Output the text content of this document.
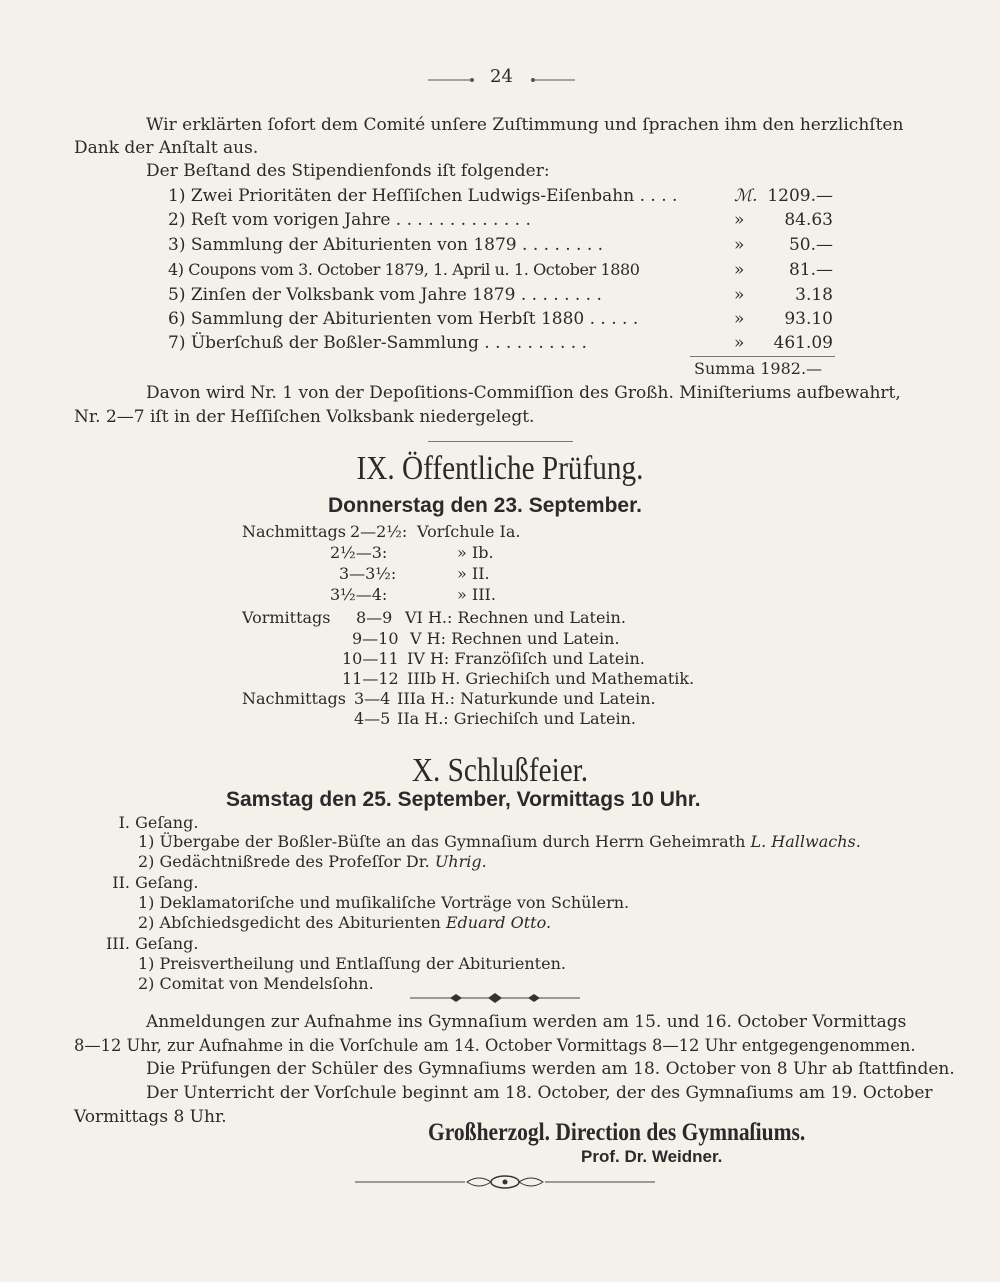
24
Wir erklärten ſofort dem Comité unſere Zuſtimmung und ſprachen ihm den herzlichſten
Dank der Anſtalt aus.
Der Beſtand des Stipendienfonds iſt folgender:
1) Zwei Prioritäten der Heſſiſchen Ludwigs-Eiſenbahn . . . .	ℳ. 1209.—
2) Reſt vom vorigen Jahre . . . . . . . . . . . . .	» 84.63
3) Sammlung der Abiturienten von 1879 . . . . . . . .	»	50.—
4) Coupons vom 3. October 1879, 1. April u. 1. October 1880	»	81.—
5) Zinſen der Volksbank vom Jahre 1879 . . . . . . . .	»	3.18
6) Sammlung der Abiturienten vom Herbſt 1880 . . . . .	» 93.10
7) Überſchuß der Boßler-Sammlung . . . . . . . . . .	» 461.09
Summa 1982.—
Davon wird Nr. 1 von der Depoſitions-Commiſſion des Großh. Miniſteriums aufbewahrt,
Nr. 2—7 iſt in der Heſſiſchen Volksbank niedergelegt.
IX. Öffentliche Prüfung.
Donnerstag den 23. September.
Nachmittags 2—2½: Vorſchule Ia.
2½—3:	» Ib.
3—3½:	» II.
3½—4:	» III.
Vormittags 8—9 VI H.: Rechnen und Latein.
9—10 V H: Rechnen und Latein.
10—11 IV H: Franzöſiſch und Latein.
11—12 IIIb H. Griechiſch und Mathematik.
Nachmittags 3—4 IIIa H.: Naturkunde und Latein.
4—5 IIa H.: Griechiſch und Latein.
X. Schlußfeier.
Samstag den 25. September, Vormittags 10 Uhr.
I. Geſang.
1) Übergabe der Boßler-Büſte an das Gymnaſium durch Herrn Geheimrath L. Hallwachs.
2) Gedächtnißrede des Profeſſor Dr. Uhrig.
II. Geſang.
1) Deklamatoriſche und muſikaliſche Vorträge von Schülern.
2) Abſchiedsgedicht des Abiturienten Eduard Otto.
III. Geſang.
1) Preisvertheilung und Entlaſſung der Abiturienten.
2) Comitat von Mendelsſohn.
Anmeldungen zur Aufnahme ins Gymnaſium werden am 15. und 16. October Vormittags
8—12 Uhr, zur Aufnahme in die Vorſchule am 14. October Vormittags 8—12 Uhr entgegengenommen.
Die Prüfungen der Schüler des Gymnaſiums werden am 18. October von 8 Uhr ab ſtattfinden.
Der Unterricht der Vorſchule beginnt am 18. October, der des Gymnaſiums am 19. October
Vormittags 8 Uhr.
Großherzogl. Direction des Gymnaſiums.
Prof. Dr. Weidner.
